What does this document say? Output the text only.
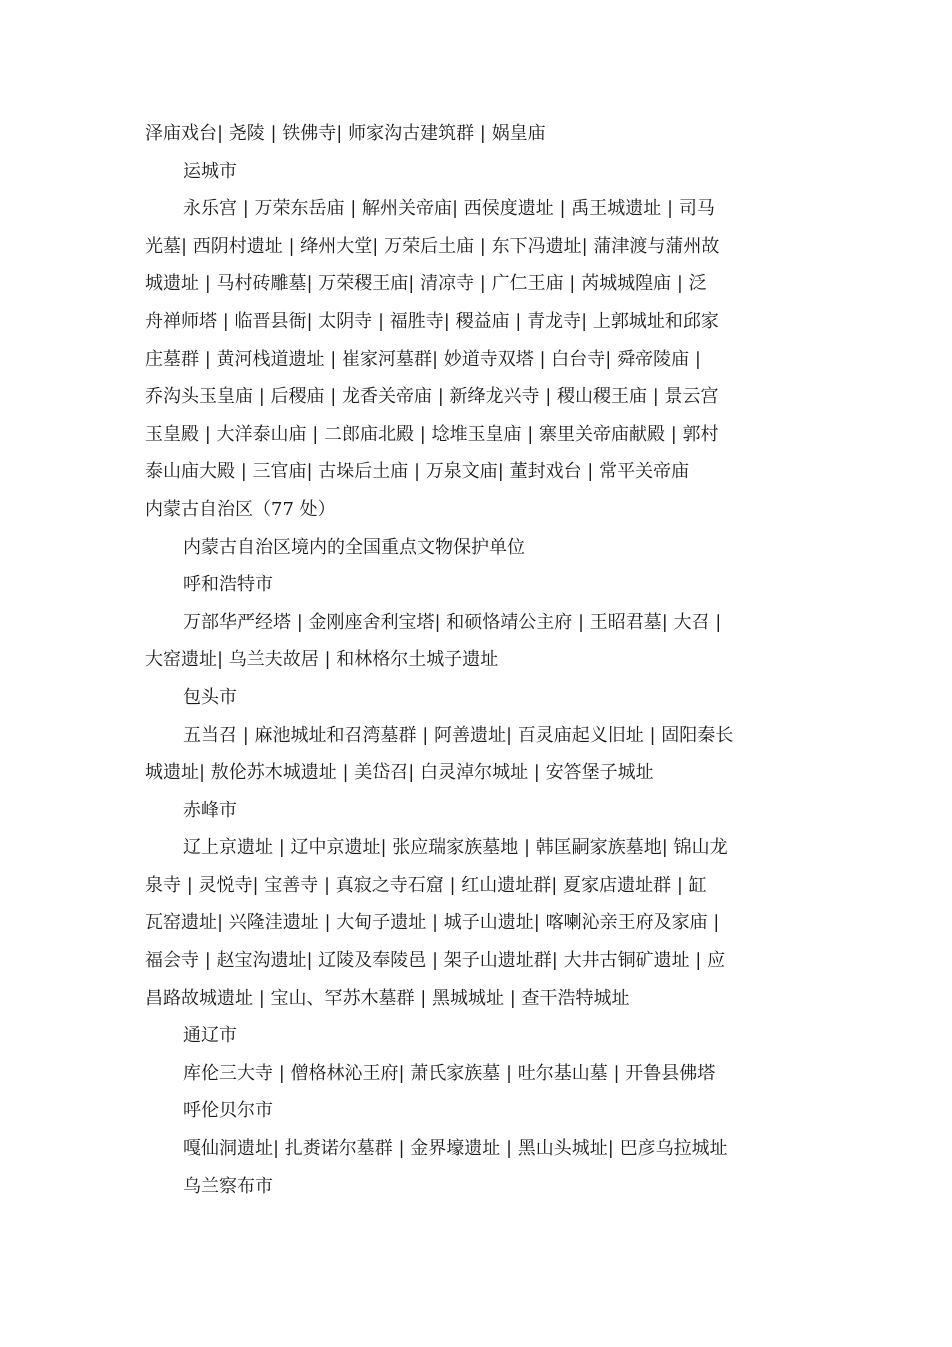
泽庙戏台| 尧陵 | 铁佛寺| 师家沟古建筑群 | 娲皇庙
运城市
永乐宫 | 万荣东岳庙 | 解州关帝庙| 西侯度遗址 | 禹王城遗址 | 司马
光墓| 西阴村遗址 | 绛州大堂| 万荣后土庙 | 东下冯遗址| 蒲津渡与蒲州故
城遗址 | 马村砖雕墓| 万荣稷王庙| 清凉寺 | 广仁王庙 | 芮城城隍庙 | 泛
舟禅师塔 | 临晋县衙| 太阴寺 | 福胜寺| 稷益庙 | 青龙寺| 上郭城址和邱家
庄墓群 | 黄河栈道遗址 | 崔家河墓群| 妙道寺双塔 | 白台寺| 舜帝陵庙 |
乔沟头玉皇庙 | 后稷庙 | 龙香关帝庙 | 新绛龙兴寺 | 稷山稷王庙 | 景云宫
玉皇殿 | 大洋泰山庙 | 二郎庙北殿 | 埝堆玉皇庙 | 寨里关帝庙献殿 | 郭村
泰山庙大殿 | 三官庙| 古垛后土庙 | 万泉文庙| 董封戏台 | 常平关帝庙
内蒙古自治区（77 处）
内蒙古自治区境内的全国重点文物保护单位
呼和浩特市
万部华严经塔 | 金刚座舍利宝塔| 和硕恪靖公主府 | 王昭君墓| 大召 |
大窑遗址| 乌兰夫故居 | 和林格尔土城子遗址
包头市
五当召 | 麻池城址和召湾墓群 | 阿善遗址| 百灵庙起义旧址 | 固阳秦长
城遗址| 敖伦苏木城遗址 | 美岱召| 白灵淖尔城址 | 安答堡子城址
赤峰市
辽上京遗址 | 辽中京遗址| 张应瑞家族墓地 | 韩匡嗣家族墓地| 锦山龙
泉寺 | 灵悦寺| 宝善寺 | 真寂之寺石窟 | 红山遗址群| 夏家店遗址群 | 缸
瓦窑遗址| 兴隆洼遗址 | 大甸子遗址 | 城子山遗址| 喀喇沁亲王府及家庙 |
福会寺 | 赵宝沟遗址| 辽陵及奉陵邑 | 架子山遗址群| 大井古铜矿遗址 | 应
昌路故城遗址 | 宝山、罕苏木墓群 | 黑城城址 | 查干浩特城址
通辽市
库伦三大寺 | 僧格林沁王府| 萧氏家族墓 | 吐尔基山墓 | 开鲁县佛塔
呼伦贝尔市
嘎仙洞遗址| 扎赉诺尔墓群 | 金界壕遗址 | 黑山头城址| 巴彦乌拉城址
乌兰察布市
